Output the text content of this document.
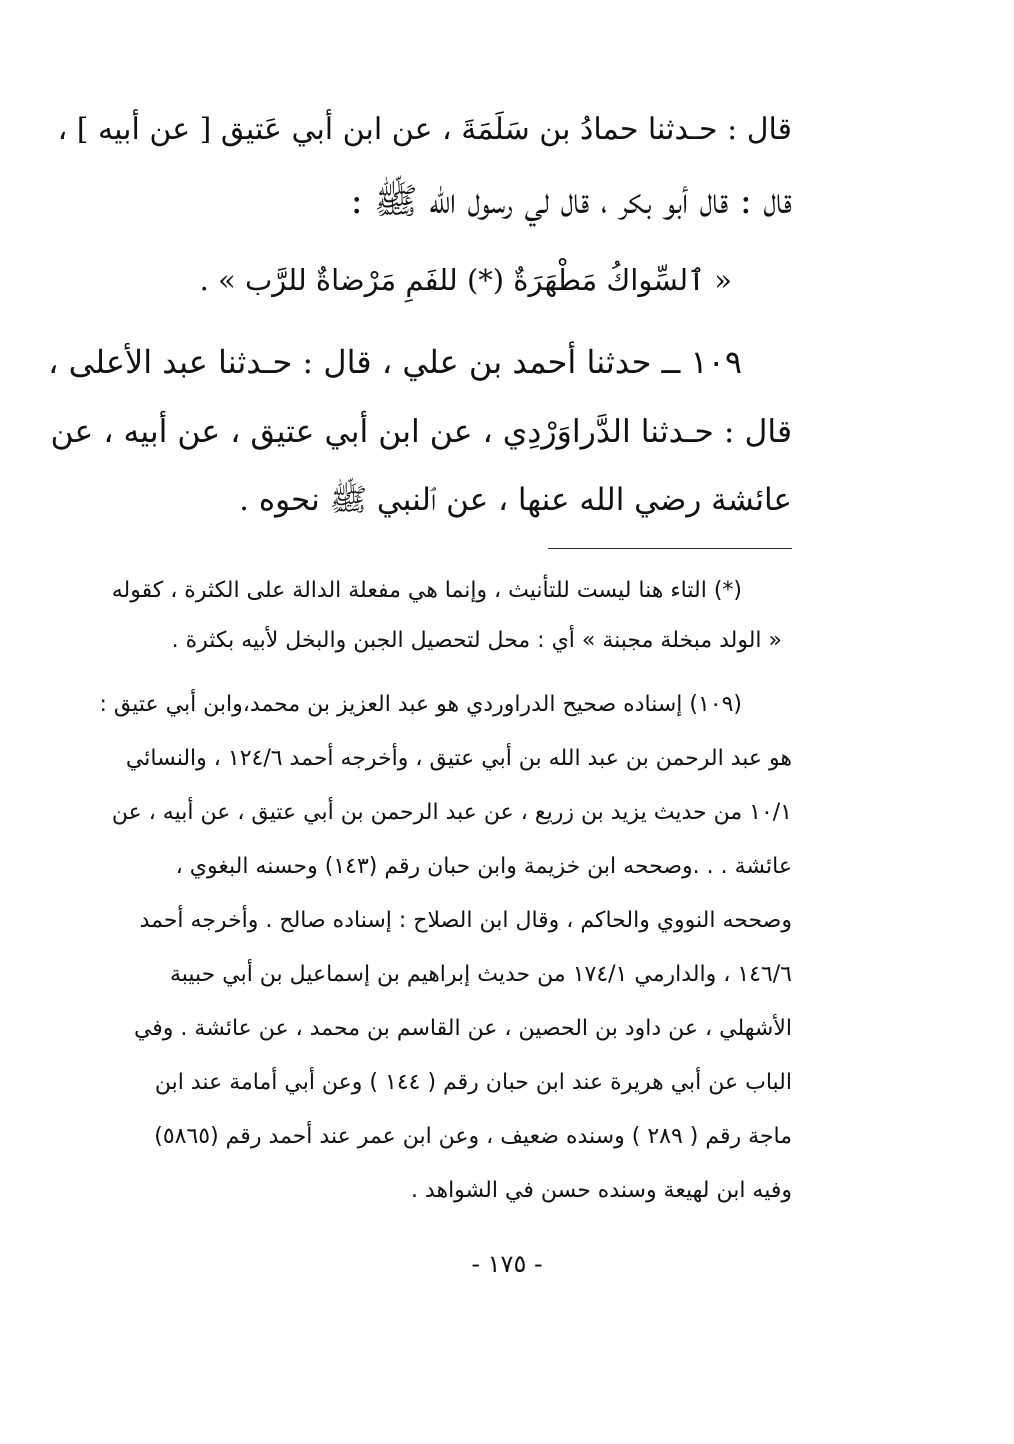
قال : حـدثنا حمادُ بن سَلَمَةَ ، عن ابن أبي عَتيق [ عن أبيه ] ،
قال : قال أبو بكر ، قال لي رسول الله ﷺ :
« ٱلسِّواكُ مَطْهَرَةٌ (*) للفَمِ مَرْضاةٌ للرَّب » .
١٠٩ ــ حدثنا أحمد بن علي ، قال : حـدثنا عبد الأعلى ،
قال : حـدثنا الدَّراوَرْدِي ، عن ابن أبي عتيق ، عن أبيه ، عن
عائشة رضي الله عنها ، عن ٱلنبي ﷺ نحوه .
(*) التاء هنا ليست للتأنيث ، وإنما هي مفعلة الدالة على الكثرة ، كقوله
« الولد مبخلة مجبنة » أي : محل لتحصيل الجبن والبخل لأبيه بكثرة .
(١٠٩) إسناده صحيح الدراوردي هو عبد العزيز بن محمد،وابن أبي عتيق :
هو عبد الرحمن بن عبد الله بن أبي عتيق ، وأخرجه أحمد ١٢٤/٦ ، والنسائي
١٠/١ من حديث يزيد بن زريع ، عن عبد الرحمن بن أبي عتيق ، عن أبيه ، عن
عائشة . . .وصححه ابن خزيمة وابن حبان رقم (١٤٣) وحسنه البغوي ،
وصححه النووي والحاكم ، وقال ابن الصلاح : إسناده صالح . وأخرجه أحمد
١٤٦/٦ ، والدارمي ١٧٤/١ من حديث إبراهيم بن إسماعيل بن أبي حبيبة
الأشهلي ، عن داود بن الحصين ، عن القاسم بن محمد ، عن عائشة . وفي
الباب عن أبي هريرة عند ابن حبان رقم ( ١٤٤ ) وعن أبي أمامة عند ابن
ماجة رقم ( ٢٨٩ ) وسنده ضعيف ، وعن ابن عمر عند أحمد رقم (٥٨٦٥)
وفيه ابن لهيعة وسنده حسن في الشواهد .
- ١٧٥ -
